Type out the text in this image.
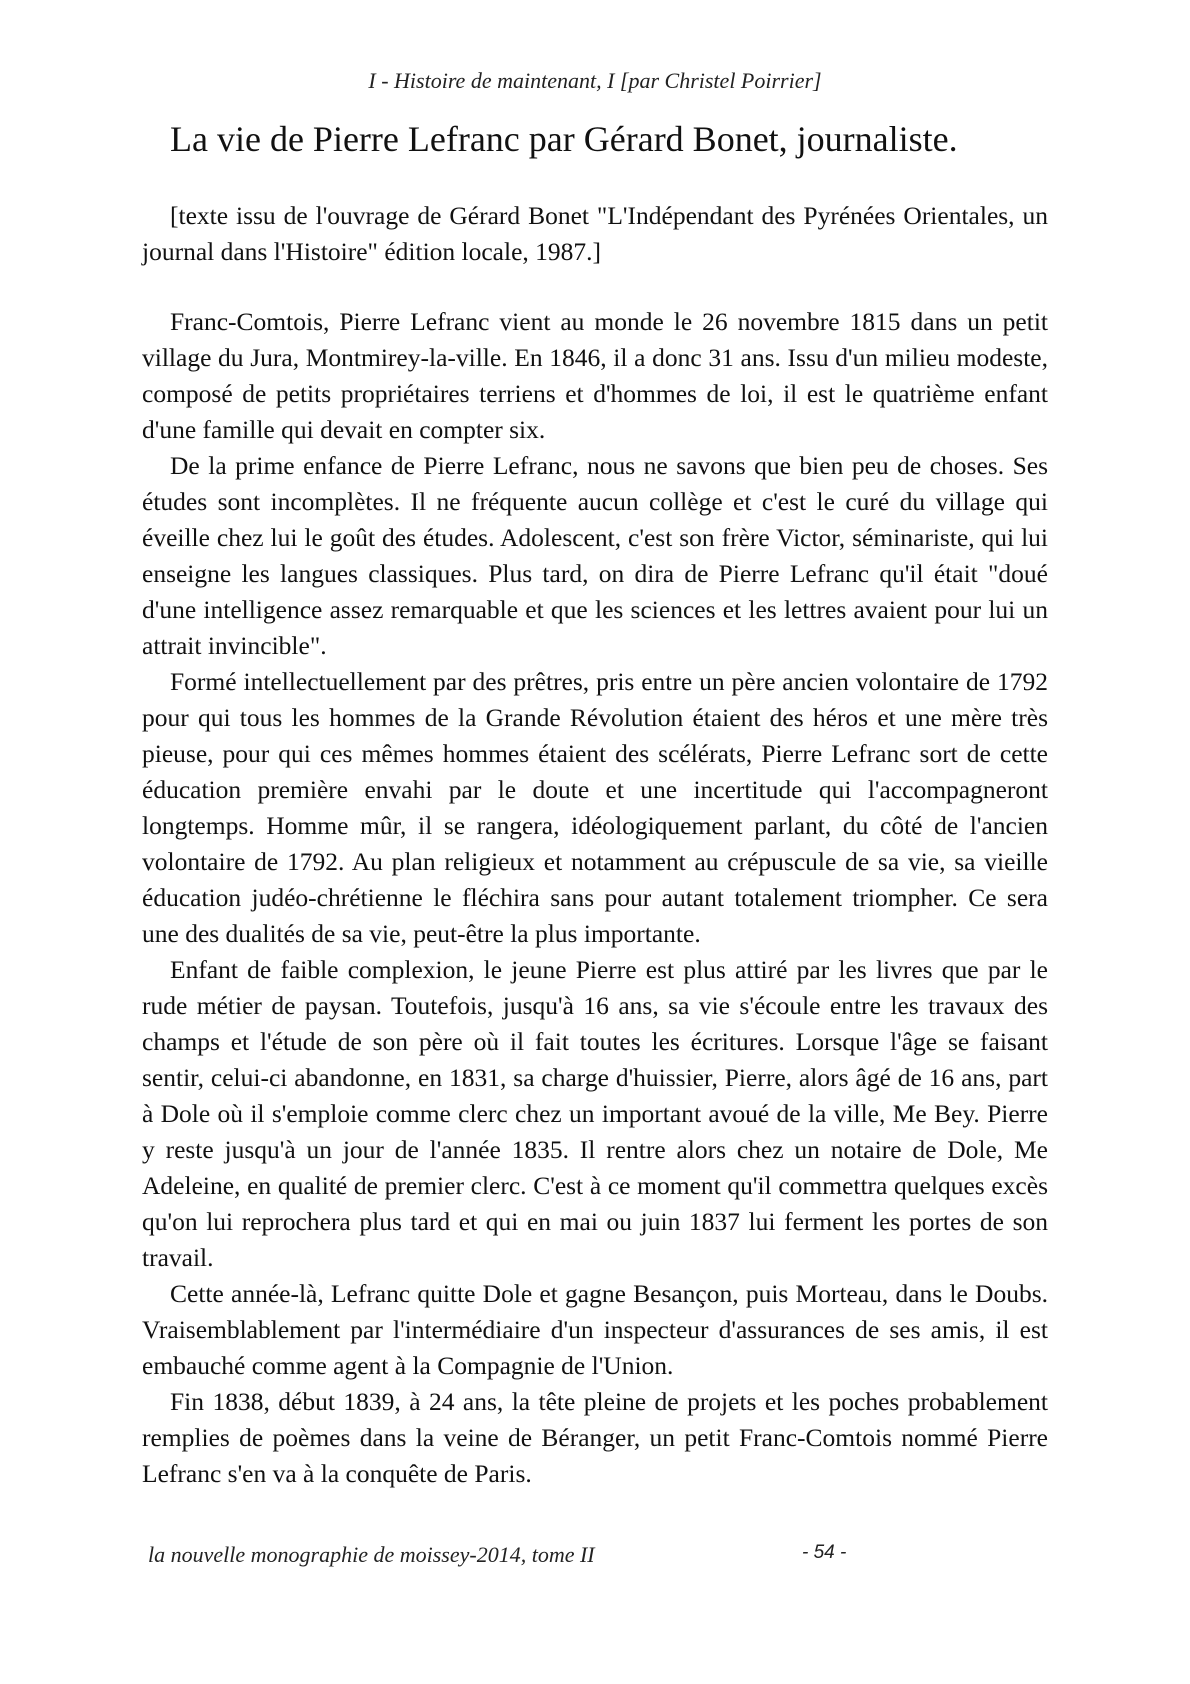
I - Histoire de maintenant, I [par Christel Poirrier]
La vie de Pierre Lefranc par Gérard Bonet, journaliste.
[texte issu de l'ouvrage de Gérard Bonet "L'Indépendant des Pyrénées Orientales, un journal dans l'Histoire" édition locale, 1987.]

Franc-Comtois, Pierre Lefranc vient au monde le 26 novembre 1815 dans un petit village du Jura, Montmirey-la-ville. En 1846, il a donc 31 ans. Issu d'un milieu modeste, composé de petits propriétaires terriens et d'hommes de loi, il est le quatrième enfant d'une famille qui devait en compter six.

De la prime enfance de Pierre Lefranc, nous ne savons que bien peu de choses. Ses études sont incomplètes. Il ne fréquente aucun collège et c'est le curé du village qui éveille chez lui le goût des études. Adolescent, c'est son frère Victor, séminariste, qui lui enseigne les langues classiques. Plus tard, on dira de Pierre Lefranc qu'il était "doué d'une intelligence assez remarquable et que les sciences et les lettres avaient pour lui un attrait invincible".

Formé intellectuellement par des prêtres, pris entre un père ancien volontaire de 1792 pour qui tous les hommes de la Grande Révolution étaient des héros et une mère très pieuse, pour qui ces mêmes hommes étaient des scélérats, Pierre Lefranc sort de cette éducation première envahi par le doute et une incertitude qui l'accompagneront longtemps. Homme mûr, il se rangera, idéologiquement parlant, du côté de l'ancien volontaire de 1792. Au plan religieux et notamment au crépuscule de sa vie, sa vieille éducation judéo-chrétienne le fléchira sans pour autant totalement triompher. Ce sera une des dualités de sa vie, peut-être la plus importante.

Enfant de faible complexion, le jeune Pierre est plus attiré par les livres que par le rude métier de paysan. Toutefois, jusqu'à 16 ans, sa vie s'écoule entre les travaux des champs et l'étude de son père où il fait toutes les écritures. Lorsque l'âge se faisant sentir, celui-ci abandonne, en 1831, sa charge d'huissier, Pierre, alors âgé de 16 ans, part à Dole où il s'emploie comme clerc chez un important avoué de la ville, Me Bey. Pierre y reste jusqu'à un jour de l'année 1835. Il rentre alors chez un notaire de Dole, Me Adeleine, en qualité de premier clerc. C'est à ce moment qu'il commettra quelques excès qu'on lui reprochera plus tard et qui en mai ou juin 1837 lui ferment les portes de son travail.

Cette année-là, Lefranc quitte Dole et gagne Besançon, puis Morteau, dans le Doubs. Vraisemblablement par l'intermédiaire d'un inspecteur d'assurances de ses amis, il est embauché comme agent à la Compagnie de l'Union.

Fin 1838, début 1839, à 24 ans, la tête pleine de projets et les poches probablement remplies de poèmes dans la veine de Béranger, un petit Franc-Comtois nommé Pierre Lefranc s'en va à la conquête de Paris.

la nouvelle monographie de moissey-2014, tome II	- 54 -
